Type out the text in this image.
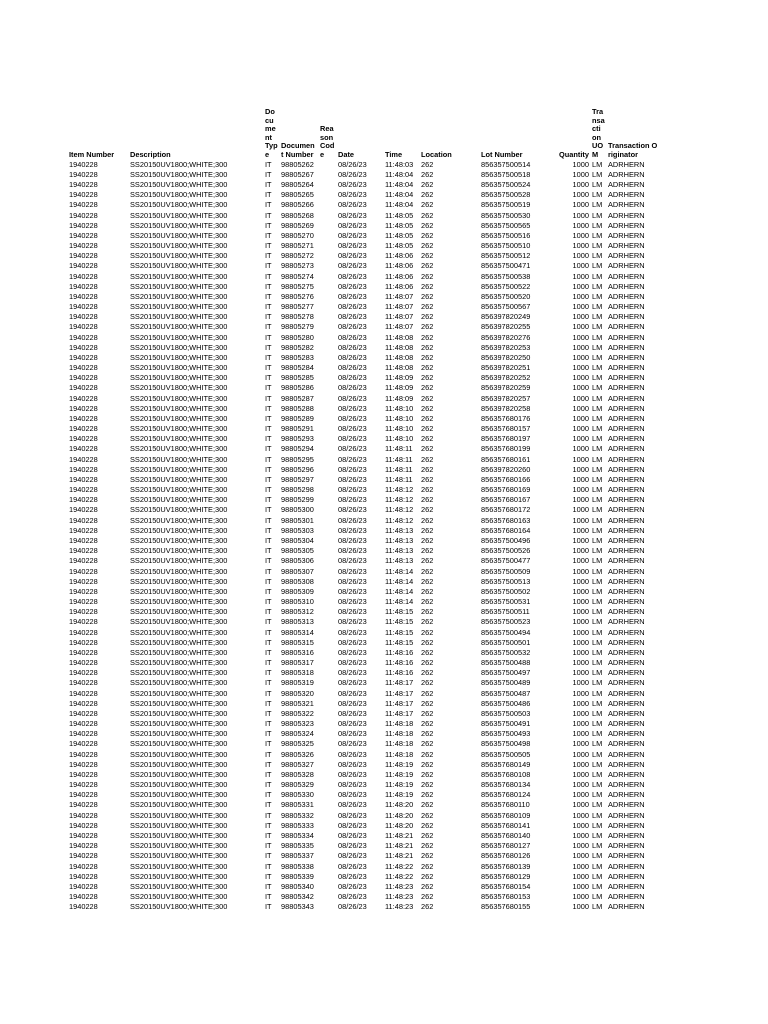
Item Number	Description	Document Type	Document Number	Reason Code	Date	Time	Location	Lot Number	Quantity	Transaction UOM	Transaction Originator
1940228	SS20150UV1800;WHITE;300	IT	98805262		08/26/23	11:48:03	262	856357500514	1000	LM	ADRHERN
1940228	SS20150UV1800;WHITE;300	IT	98805267		08/26/23	11:48:04	262	856357500518	1000	LM	ADRHERN
1940228	SS20150UV1800;WHITE;300	IT	98805264		08/26/23	11:48:04	262	856357500524	1000	LM	ADRHERN
1940228	SS20150UV1800;WHITE;300	IT	98805265		08/26/23	11:48:04	262	856357500528	1000	LM	ADRHERN
1940228	SS20150UV1800;WHITE;300	IT	98805266		08/26/23	11:48:04	262	856357500519	1000	LM	ADRHERN
1940228	SS20150UV1800;WHITE;300	IT	98805268		08/26/23	11:48:05	262	856357500530	1000	LM	ADRHERN
1940228	SS20150UV1800;WHITE;300	IT	98805269		08/26/23	11:48:05	262	856357500565	1000	LM	ADRHERN
1940228	SS20150UV1800;WHITE;300	IT	98805270		08/26/23	11:48:05	262	856357500516	1000	LM	ADRHERN
1940228	SS20150UV1800;WHITE;300	IT	98805271		08/26/23	11:48:05	262	856357500510	1000	LM	ADRHERN
1940228	SS20150UV1800;WHITE;300	IT	98805272		08/26/23	11:48:06	262	856357500512	1000	LM	ADRHERN
1940228	SS20150UV1800;WHITE;300	IT	98805273		08/26/23	11:48:06	262	856357500471	1000	LM	ADRHERN
1940228	SS20150UV1800;WHITE;300	IT	98805274		08/26/23	11:48:06	262	856357500538	1000	LM	ADRHERN
1940228	SS20150UV1800;WHITE;300	IT	98805275		08/26/23	11:48:06	262	856357500522	1000	LM	ADRHERN
1940228	SS20150UV1800;WHITE;300	IT	98805276		08/26/23	11:48:07	262	856357500520	1000	LM	ADRHERN
1940228	SS20150UV1800;WHITE;300	IT	98805277		08/26/23	11:48:07	262	856357500567	1000	LM	ADRHERN
1940228	SS20150UV1800;WHITE;300	IT	98805278		08/26/23	11:48:07	262	856397820249	1000	LM	ADRHERN
1940228	SS20150UV1800;WHITE;300	IT	98805279		08/26/23	11:48:07	262	856397820255	1000	LM	ADRHERN
1940228	SS20150UV1800;WHITE;300	IT	98805280		08/26/23	11:48:08	262	856397820276	1000	LM	ADRHERN
1940228	SS20150UV1800;WHITE;300	IT	98805282		08/26/23	11:48:08	262	856397820253	1000	LM	ADRHERN
1940228	SS20150UV1800;WHITE;300	IT	98805283		08/26/23	11:48:08	262	856397820250	1000	LM	ADRHERN
1940228	SS20150UV1800;WHITE;300	IT	98805284		08/26/23	11:48:08	262	856397820251	1000	LM	ADRHERN
1940228	SS20150UV1800;WHITE;300	IT	98805285		08/26/23	11:48:09	262	856397820252	1000	LM	ADRHERN
1940228	SS20150UV1800;WHITE;300	IT	98805286		08/26/23	11:48:09	262	856397820259	1000	LM	ADRHERN
1940228	SS20150UV1800;WHITE;300	IT	98805287		08/26/23	11:48:09	262	856397820257	1000	LM	ADRHERN
1940228	SS20150UV1800;WHITE;300	IT	98805288		08/26/23	11:48:10	262	856397820258	1000	LM	ADRHERN
1940228	SS20150UV1800;WHITE;300	IT	98805289		08/26/23	11:48:10	262	856357680176	1000	LM	ADRHERN
1940228	SS20150UV1800;WHITE;300	IT	98805291		08/26/23	11:48:10	262	856357680157	1000	LM	ADRHERN
1940228	SS20150UV1800;WHITE;300	IT	98805293		08/26/23	11:48:10	262	856357680197	1000	LM	ADRHERN
1940228	SS20150UV1800;WHITE;300	IT	98805294		08/26/23	11:48:11	262	856357680199	1000	LM	ADRHERN
1940228	SS20150UV1800;WHITE;300	IT	98805295		08/26/23	11:48:11	262	856357680161	1000	LM	ADRHERN
1940228	SS20150UV1800;WHITE;300	IT	98805296		08/26/23	11:48:11	262	856397820260	1000	LM	ADRHERN
1940228	SS20150UV1800;WHITE;300	IT	98805297		08/26/23	11:48:11	262	856357680166	1000	LM	ADRHERN
1940228	SS20150UV1800;WHITE;300	IT	98805298		08/26/23	11:48:12	262	856357680169	1000	LM	ADRHERN
1940228	SS20150UV1800;WHITE;300	IT	98805299		08/26/23	11:48:12	262	856357680167	1000	LM	ADRHERN
1940228	SS20150UV1800;WHITE;300	IT	98805300		08/26/23	11:48:12	262	856357680172	1000	LM	ADRHERN
1940228	SS20150UV1800;WHITE;300	IT	98805301		08/26/23	11:48:12	262	856357680163	1000	LM	ADRHERN
1940228	SS20150UV1800;WHITE;300	IT	98805303		08/26/23	11:48:13	262	856357680164	1000	LM	ADRHERN
1940228	SS20150UV1800;WHITE;300	IT	98805304		08/26/23	11:48:13	262	856357500496	1000	LM	ADRHERN
1940228	SS20150UV1800;WHITE;300	IT	98805305		08/26/23	11:48:13	262	856357500526	1000	LM	ADRHERN
1940228	SS20150UV1800;WHITE;300	IT	98805306		08/26/23	11:48:13	262	856357500477	1000	LM	ADRHERN
1940228	SS20150UV1800;WHITE;300	IT	98805307		08/26/23	11:48:14	262	856357500509	1000	LM	ADRHERN
1940228	SS20150UV1800;WHITE;300	IT	98805308		08/26/23	11:48:14	262	856357500513	1000	LM	ADRHERN
1940228	SS20150UV1800;WHITE;300	IT	98805309		08/26/23	11:48:14	262	856357500502	1000	LM	ADRHERN
1940228	SS20150UV1800;WHITE;300	IT	98805310		08/26/23	11:48:14	262	856357500531	1000	LM	ADRHERN
1940228	SS20150UV1800;WHITE;300	IT	98805312		08/26/23	11:48:15	262	856357500511	1000	LM	ADRHERN
1940228	SS20150UV1800;WHITE;300	IT	98805313		08/26/23	11:48:15	262	856357500523	1000	LM	ADRHERN
1940228	SS20150UV1800;WHITE;300	IT	98805314		08/26/23	11:48:15	262	856357500494	1000	LM	ADRHERN
1940228	SS20150UV1800;WHITE;300	IT	98805315		08/26/23	11:48:15	262	856357500501	1000	LM	ADRHERN
1940228	SS20150UV1800;WHITE;300	IT	98805316		08/26/23	11:48:16	262	856357500532	1000	LM	ADRHERN
1940228	SS20150UV1800;WHITE;300	IT	98805317		08/26/23	11:48:16	262	856357500488	1000	LM	ADRHERN
1940228	SS20150UV1800;WHITE;300	IT	98805318		08/26/23	11:48:16	262	856357500497	1000	LM	ADRHERN
1940228	SS20150UV1800;WHITE;300	IT	98805319		08/26/23	11:48:17	262	856357500489	1000	LM	ADRHERN
1940228	SS20150UV1800;WHITE;300	IT	98805320		08/26/23	11:48:17	262	856357500487	1000	LM	ADRHERN
1940228	SS20150UV1800;WHITE;300	IT	98805321		08/26/23	11:48:17	262	856357500486	1000	LM	ADRHERN
1940228	SS20150UV1800;WHITE;300	IT	98805322		08/26/23	11:48:17	262	856357500503	1000	LM	ADRHERN
1940228	SS20150UV1800;WHITE;300	IT	98805323		08/26/23	11:48:18	262	856357500491	1000	LM	ADRHERN
1940228	SS20150UV1800;WHITE;300	IT	98805324		08/26/23	11:48:18	262	856357500493	1000	LM	ADRHERN
1940228	SS20150UV1800;WHITE;300	IT	98805325		08/26/23	11:48:18	262	856357500498	1000	LM	ADRHERN
1940228	SS20150UV1800;WHITE;300	IT	98805326		08/26/23	11:48:18	262	856357500505	1000	LM	ADRHERN
1940228	SS20150UV1800;WHITE;300	IT	98805327		08/26/23	11:48:19	262	856357680149	1000	LM	ADRHERN
1940228	SS20150UV1800;WHITE;300	IT	98805328		08/26/23	11:48:19	262	856357680108	1000	LM	ADRHERN
1940228	SS20150UV1800;WHITE;300	IT	98805329		08/26/23	11:48:19	262	856357680134	1000	LM	ADRHERN
1940228	SS20150UV1800;WHITE;300	IT	98805330		08/26/23	11:48:19	262	856357680124	1000	LM	ADRHERN
1940228	SS20150UV1800;WHITE;300	IT	98805331		08/26/23	11:48:20	262	856357680110	1000	LM	ADRHERN
1940228	SS20150UV1800;WHITE;300	IT	98805332		08/26/23	11:48:20	262	856357680109	1000	LM	ADRHERN
1940228	SS20150UV1800;WHITE;300	IT	98805333		08/26/23	11:48:20	262	856357680141	1000	LM	ADRHERN
1940228	SS20150UV1800;WHITE;300	IT	98805334		08/26/23	11:48:21	262	856357680140	1000	LM	ADRHERN
1940228	SS20150UV1800;WHITE;300	IT	98805335		08/26/23	11:48:21	262	856357680127	1000	LM	ADRHERN
1940228	SS20150UV1800;WHITE;300	IT	98805337		08/26/23	11:48:21	262	856357680126	1000	LM	ADRHERN
1940228	SS20150UV1800;WHITE;300	IT	98805338		08/26/23	11:48:22	262	856357680139	1000	LM	ADRHERN
1940228	SS20150UV1800;WHITE;300	IT	98805339		08/26/23	11:48:22	262	856357680129	1000	LM	ADRHERN
1940228	SS20150UV1800;WHITE;300	IT	98805340		08/26/23	11:48:23	262	856357680154	1000	LM	ADRHERN
1940228	SS20150UV1800;WHITE;300	IT	98805342		08/26/23	11:48:23	262	856357680153	1000	LM	ADRHERN
1940228	SS20150UV1800;WHITE;300	IT	98805343		08/26/23	11:48:23	262	856357680155	1000	LM	ADRHERN
